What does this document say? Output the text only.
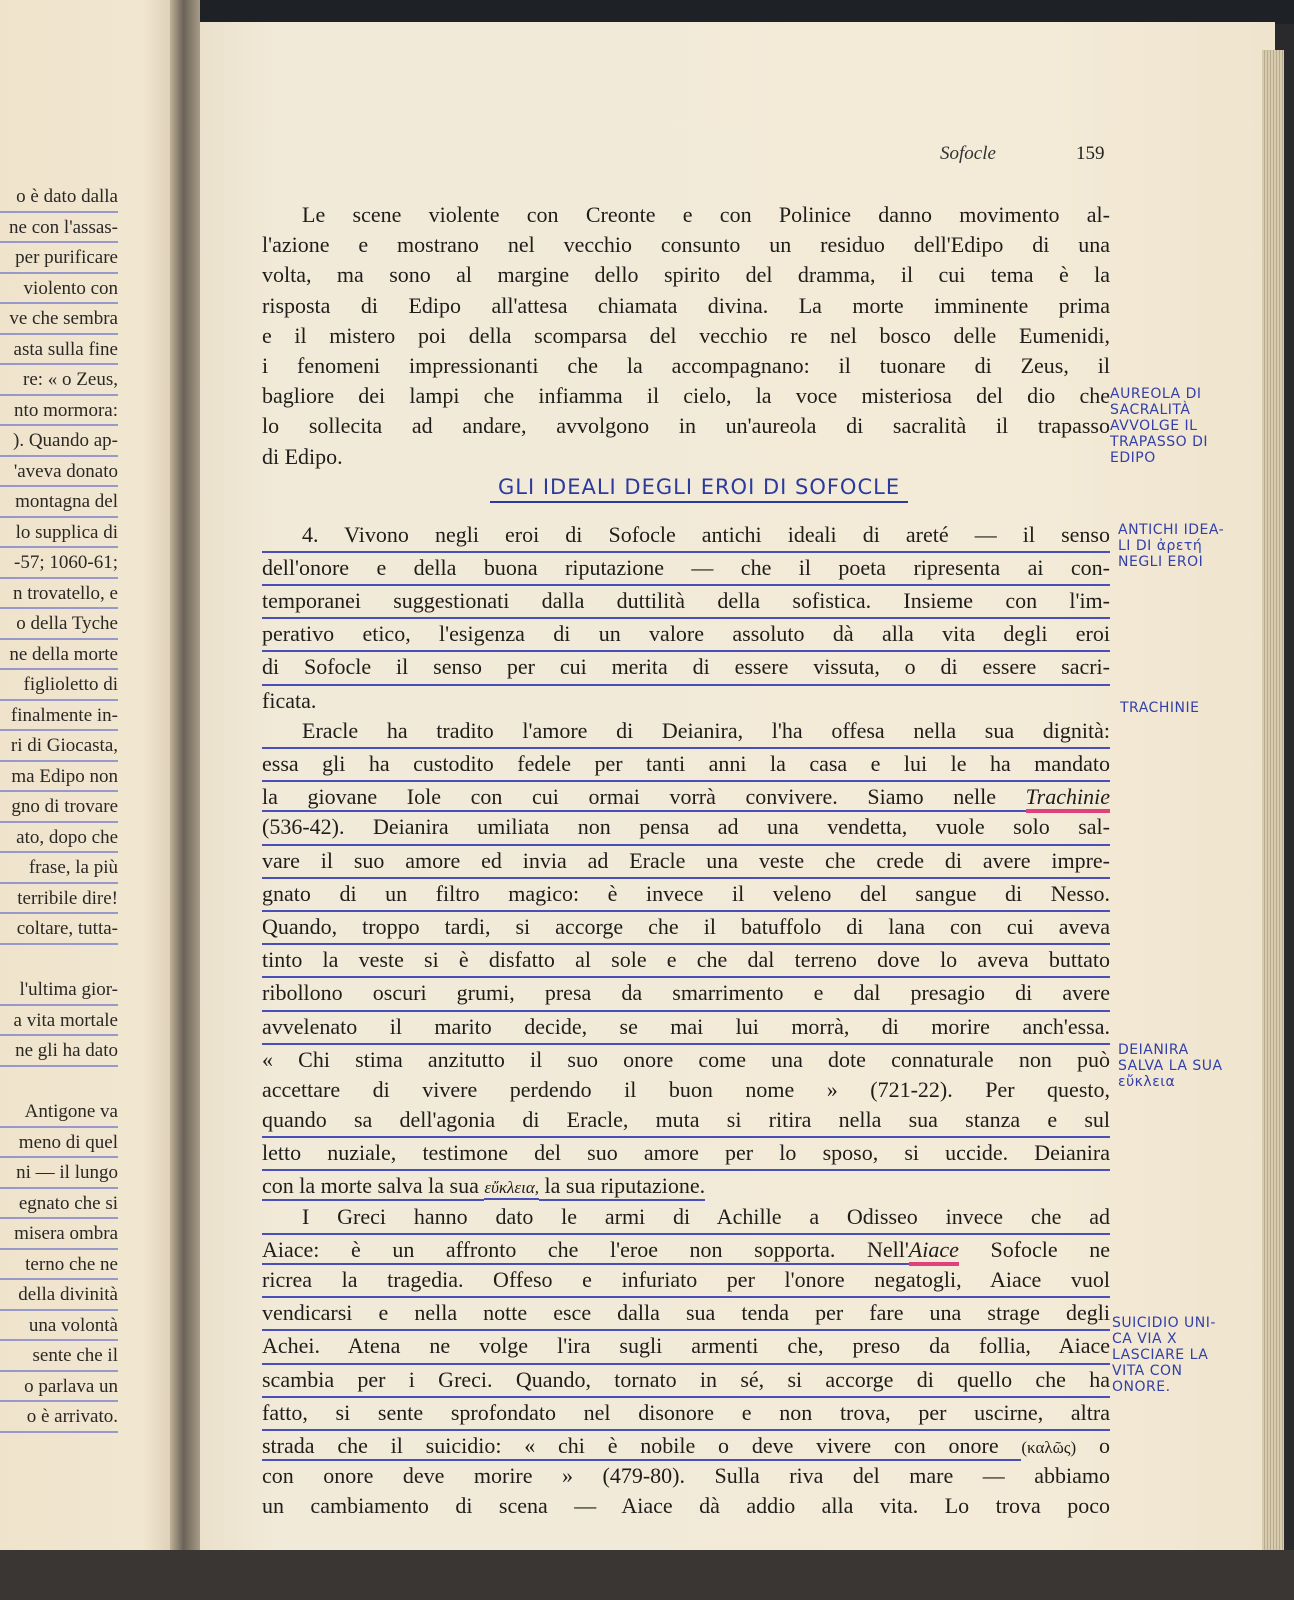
o è dato dalla
ne con l'assas-
per purificare
violento con
ve che sembra
asta sulla fine
re: « o Zeus,
nto mormora:
). Quando ap-
'aveva donato
montagna del
lo supplica di
-57; 1060-61;
n trovatello, e
o della Tyche
ne della morte
figlioletto di
finalmente in-
ri di Giocasta,
ma Edipo non
gno di trovare
ato, dopo che
frase, la più
terribile dire!
coltare, tutta-
l'ultima gior-
a vita mortale
ne gli ha dato
Antigone va
meno di quel
ni — il lungo
egnato che si
misera ombra
terno che ne
della divinità
una volontà
sente che il
o parlava un
o è arrivato.
Sofocle	159
GLI IDEALI DEGLI EROI DI SOFOCLE
Le scene violente con Creonte e con Polinice danno movimento al-
l'azione e mostrano nel vecchio consunto un residuo dell'Edipo di una
volta, ma sono al margine dello spirito del dramma, il cui tema è la
risposta di Edipo all'attesa chiamata divina. La morte imminente prima
e il mistero poi della scomparsa del vecchio re nel bosco delle Eumenidi,
i fenomeni impressionanti che la accompagnano: il tuonare di Zeus, il
bagliore dei lampi che infiamma il cielo, la voce misteriosa del dio che
lo sollecita ad andare, avvolgono in un'aureola di sacralità il trapasso
di Edipo.
4. Vivono negli eroi di Sofocle antichi ideali di areté — il senso
dell'onore e della buona riputazione — che il poeta ripresenta ai con-
temporanei suggestionati dalla duttilità della sofistica. Insieme con l'im-
perativo etico, l'esigenza di un valore assoluto dà alla vita degli eroi
di Sofocle il senso per cui merita di essere vissuta, o di essere sacri-
ficata.
Eracle ha tradito l'amore di Deianira, l'ha offesa nella sua dignità:
essa gli ha custodito fedele per tanti anni la casa e lui le ha mandato
la giovane Iole con cui ormai vorrà convivere. Siamo nelle Trachinie
(536-42). Deianira umiliata non pensa ad una vendetta, vuole solo sal-
vare il suo amore ed invia ad Eracle una veste che crede di avere impre-
gnato di un filtro magico: è invece il veleno del sangue di Nesso.
Quando, troppo tardi, si accorge che il batuffolo di lana con cui aveva
tinto la veste si è disfatto al sole e che dal terreno dove lo aveva buttato
ribollono oscuri grumi, presa da smarrimento e dal presagio di avere
avvelenato il marito decide, se mai lui morrà, di morire anch'essa.
« Chi stima anzitutto il suo onore come una dote connaturale non può
accettare di vivere perdendo il buon nome » (721-22). Per questo,
quando sa dell'agonia di Eracle, muta si ritira nella sua stanza e sul
letto nuziale, testimone del suo amore per lo sposo, si uccide. Deianira
con la morte salva la sua εὔκλεια, la sua riputazione.
I Greci hanno dato le armi di Achille a Odisseo invece che ad
Aiace: è un affronto che l'eroe non sopporta. Nell'Aiace Sofocle ne
ricrea la tragedia. Offeso e infuriato per l'onore negatogli, Aiace vuol
vendicarsi e nella notte esce dalla sua tenda per fare una strage degli
Achei. Atena ne volge l'ira sugli armenti che, preso da follia, Aiace
scambia per i Greci. Quando, tornato in sé, si accorge di quello che ha
fatto, si sente sprofondato nel disonore e non trova, per uscirne, altra
strada che il suicidio: « chi è nobile o deve vivere con onore (καλῶς) o
con onore deve morire » (479-80). Sulla riva del mare — abbiamo
un cambiamento di scena — Aiace dà addio alla vita. Lo trova poco
AUREOLA DI
SACRALITÀ
AVVOLGE IL
TRAPASSO DI
EDIPO
ANTICHI IDEA-
LI DI ἀρετή
NEGLI EROI
TRACHINIE
DEIANIRA
SALVA LA SUA
εὔκλεια
SUICIDIO UNI-
CA VIA X
LASCIARE LA
VITA CON
ONORE.
